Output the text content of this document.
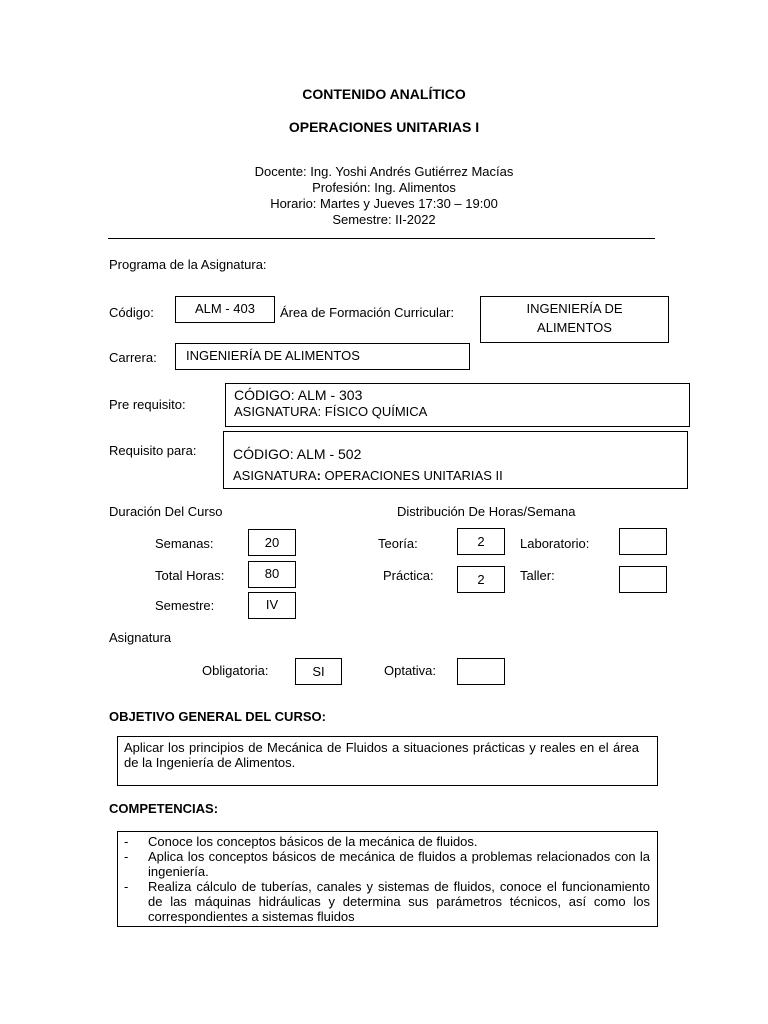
CONTENIDO ANALÍTICO
OPERACIONES UNITARIAS I
Docente: Ing. Yoshi Andrés Gutiérrez Macías
Profesión: Ing. Alimentos
Horario: Martes y Jueves 17:30 – 19:00
Semestre: II-2022
Programa de la Asignatura:
Código:	ALM - 403	Área de Formación Curricular:	INGENIERÍA DE
ALIMENTOS
Carrera: INGENIERÍA DE ALIMENTOS
Pre requisito:
CÓDIGO: ALM - 303
ASIGNATURA: FÍSICO QUÍMICA
Requisito para:	CÓDIGO: ALM - 502
ASIGNATURA: OPERACIONES UNITARIAS II
Duración Del Curso	Distribución De Horas/Semana
Semanas:	20	Teoría:	2	Laboratorio:
Total Horas:	80	Práctica:	2	Taller:
Semestre:	IV
Asignatura
Obligatoria:	SI	Optativa:
OBJETIVO GENERAL DEL CURSO:
Aplicar los principios de Mecánica de Fluidos a situaciones prácticas y reales en el área de la Ingeniería de Alimentos.
COMPETENCIAS:
- Conoce los conceptos básicos de la mecánica de fluidos.
- Aplica los conceptos básicos de mecánica de fluidos a problemas relacionados con la ingeniería.
- Realiza cálculo de tuberías, canales y sistemas de fluidos, conoce el funcionamiento de las máquinas hidráulicas y determina sus parámetros técnicos, así como los correspondientes a sistemas fluidos
